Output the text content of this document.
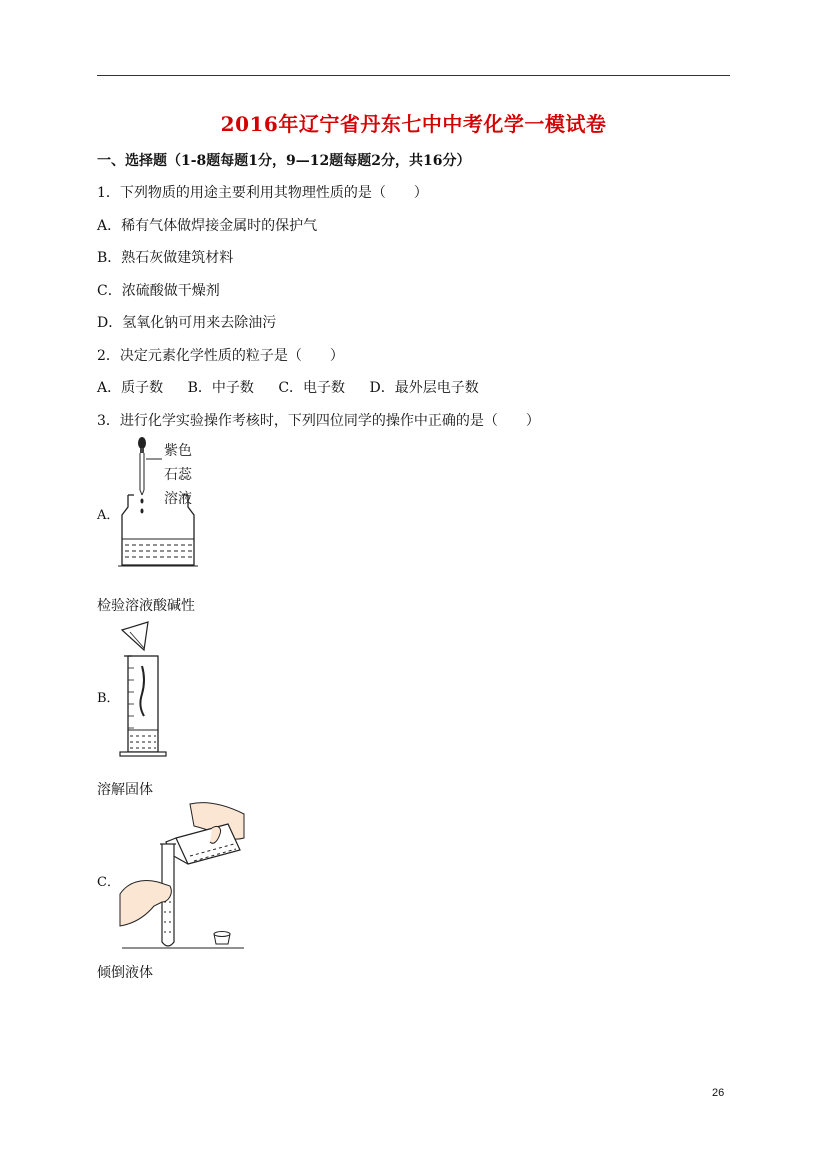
2016年辽宁省丹东七中中考化学一模试卷
一、选择题（1-8题每题1分，9—12题每题2分，共16分）
1．下列物质的用途主要利用其物理性质的是（　　）
A．稀有气体做焊接金属时的保护气
B．熟石灰做建筑材料
C．浓硫酸做干燥剂
D．氢氧化钠可用来去除油污
2．决定元素化学性质的粒子是（　　）
A．质子数 B．中子数 C．电子数 D．最外层电子数
3．进行化学实验操作考核时，下列四位同学的操作中正确的是（　　）
A．
紫色
石蕊
溶液
检验溶液酸碱性
B．
溶解固体
C．
倾倒液体
26
